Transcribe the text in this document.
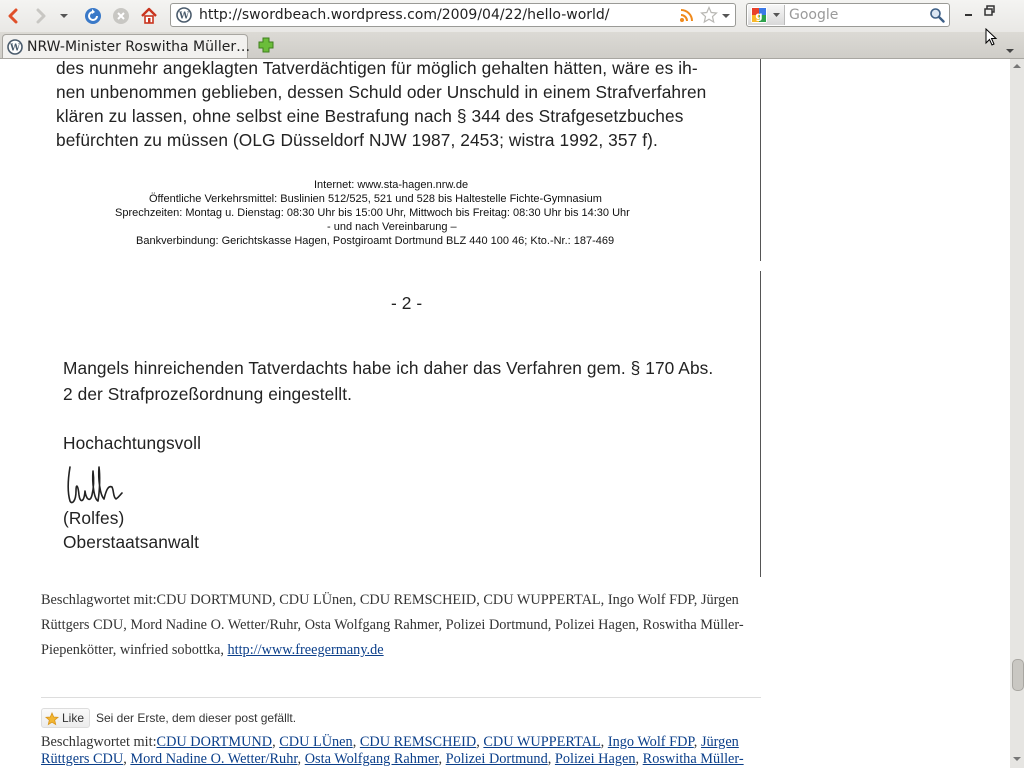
W http://swordbeach.wordpress.com/2009/04/22/hello-world/	g Google
W NRW-Minister Roswitha Müller…
des nunmehr angeklagten Tatverdächtigen für möglich gehalten hätten, wäre es ih-
nen unbenommen geblieben, dessen Schuld oder Unschuld in einem Strafverfahren
klären zu lassen, ohne selbst eine Bestrafung nach § 344 des Strafgesetzbuches
befürchten zu müssen (OLG Düsseldorf NJW 1987, 2453; wistra 1992, 357 f).
Internet: www.sta-hagen.nrw.de
Öffentliche Verkehrsmittel: Buslinien 512/525, 521 und 528 bis Haltestelle Fichte-Gymnasium
Sprechzeiten: Montag u. Dienstag: 08:30 Uhr bis 15:00 Uhr, Mittwoch bis Freitag: 08:30 Uhr bis 14:30 Uhr
- und nach Vereinbarung –
Bankverbindung: Gerichtskasse Hagen, Postgiroamt Dortmund BLZ 440 100 46; Kto.-Nr.: 187-469
- 2 -
Mangels hinreichenden Tatverdachts habe ich daher das Verfahren gem. § 170 Abs.
2 der Strafprozeßordnung eingestellt.
Hochachtungsvoll
(Rolfes)
Oberstaatsanwalt
Beschlagwortet mit:CDU DORTMUND, CDU LÜnen, CDU REMSCHEID, CDU WUPPERTAL, Ingo Wolf FDP, Jürgen Rüttgers CDU, Mord Nadine O. Wetter/Ruhr, Osta Wolfgang Rahmer, Polizei Dortmund, Polizei Hagen, Roswitha Müller-Piepenkötter, winfried sobottka, http://www.freegermany.de
Like Sei der Erste, dem dieser post gefällt.
Beschlagwortet mit:CDU DORTMUND, CDU LÜnen, CDU REMSCHEID, CDU WUPPERTAL, Ingo Wolf FDP, Jürgen Rüttgers CDU, Mord Nadine O. Wetter/Ruhr, Osta Wolfgang Rahmer, Polizei Dortmund, Polizei Hagen, Roswitha Müller-
